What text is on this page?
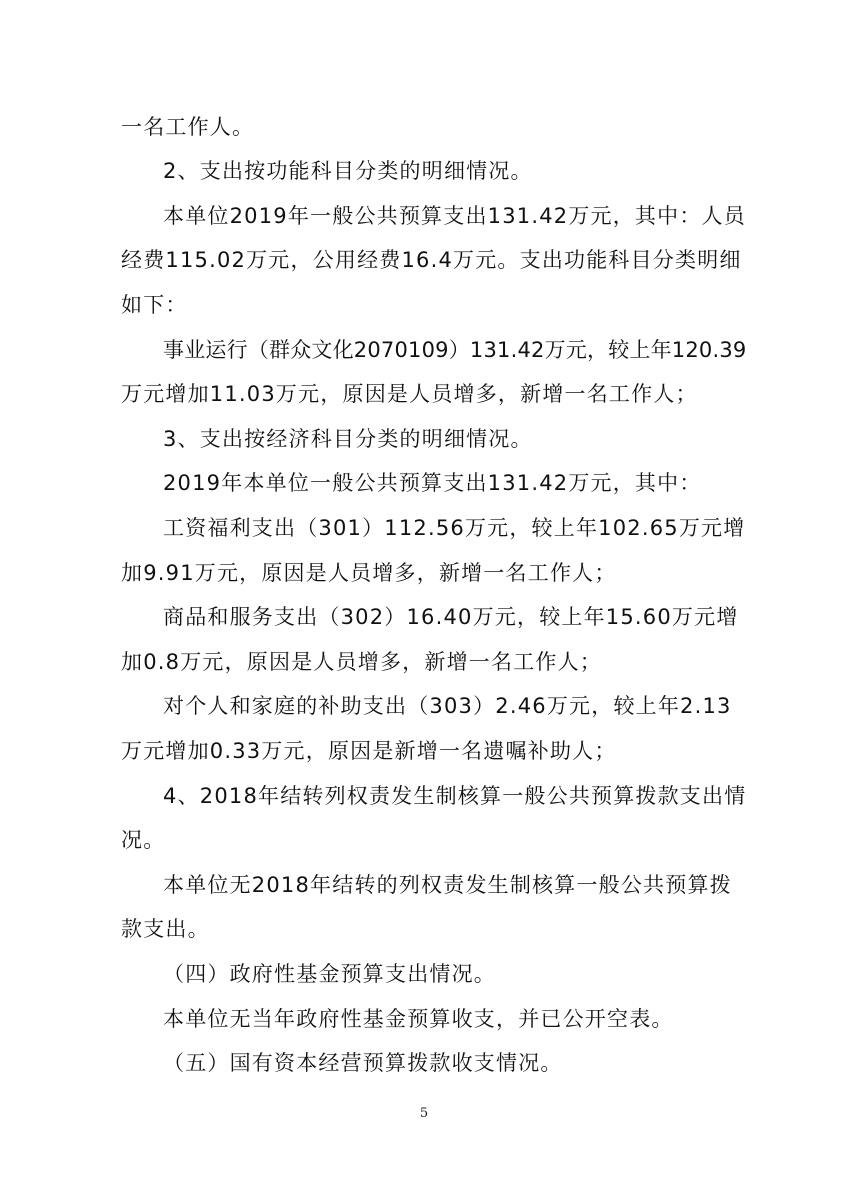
一名工作人。
2、支出按功能科目分类的明细情况。
本单位2019年一般公共预算支出131.42万元，其中：人员
经费115.02万元，公用经费16.4万元。支出功能科目分类明细
如下：
事业运行（群众文化2070109）131.42万元，较上年120.39
万元增加11.03万元，原因是人员增多，新增一名工作人；
3、支出按经济科目分类的明细情况。
2019年本单位一般公共预算支出131.42万元，其中：
工资福利支出（301）112.56万元，较上年102.65万元增
加9.91万元，原因是人员增多，新增一名工作人；
商品和服务支出（302）16.40万元，较上年15.60万元增
加0.8万元，原因是人员增多，新增一名工作人；
对个人和家庭的补助支出（303）2.46万元，较上年2.13
万元增加0.33万元，原因是新增一名遗嘱补助人；
4、2018年结转列权责发生制核算一般公共预算拨款支出情
况。
本单位无2018年结转的列权责发生制核算一般公共预算拨
款支出。
（四）政府性基金预算支出情况。
本单位无当年政府性基金预算收支，并已公开空表。
（五）国有资本经营预算拨款收支情况。
5
